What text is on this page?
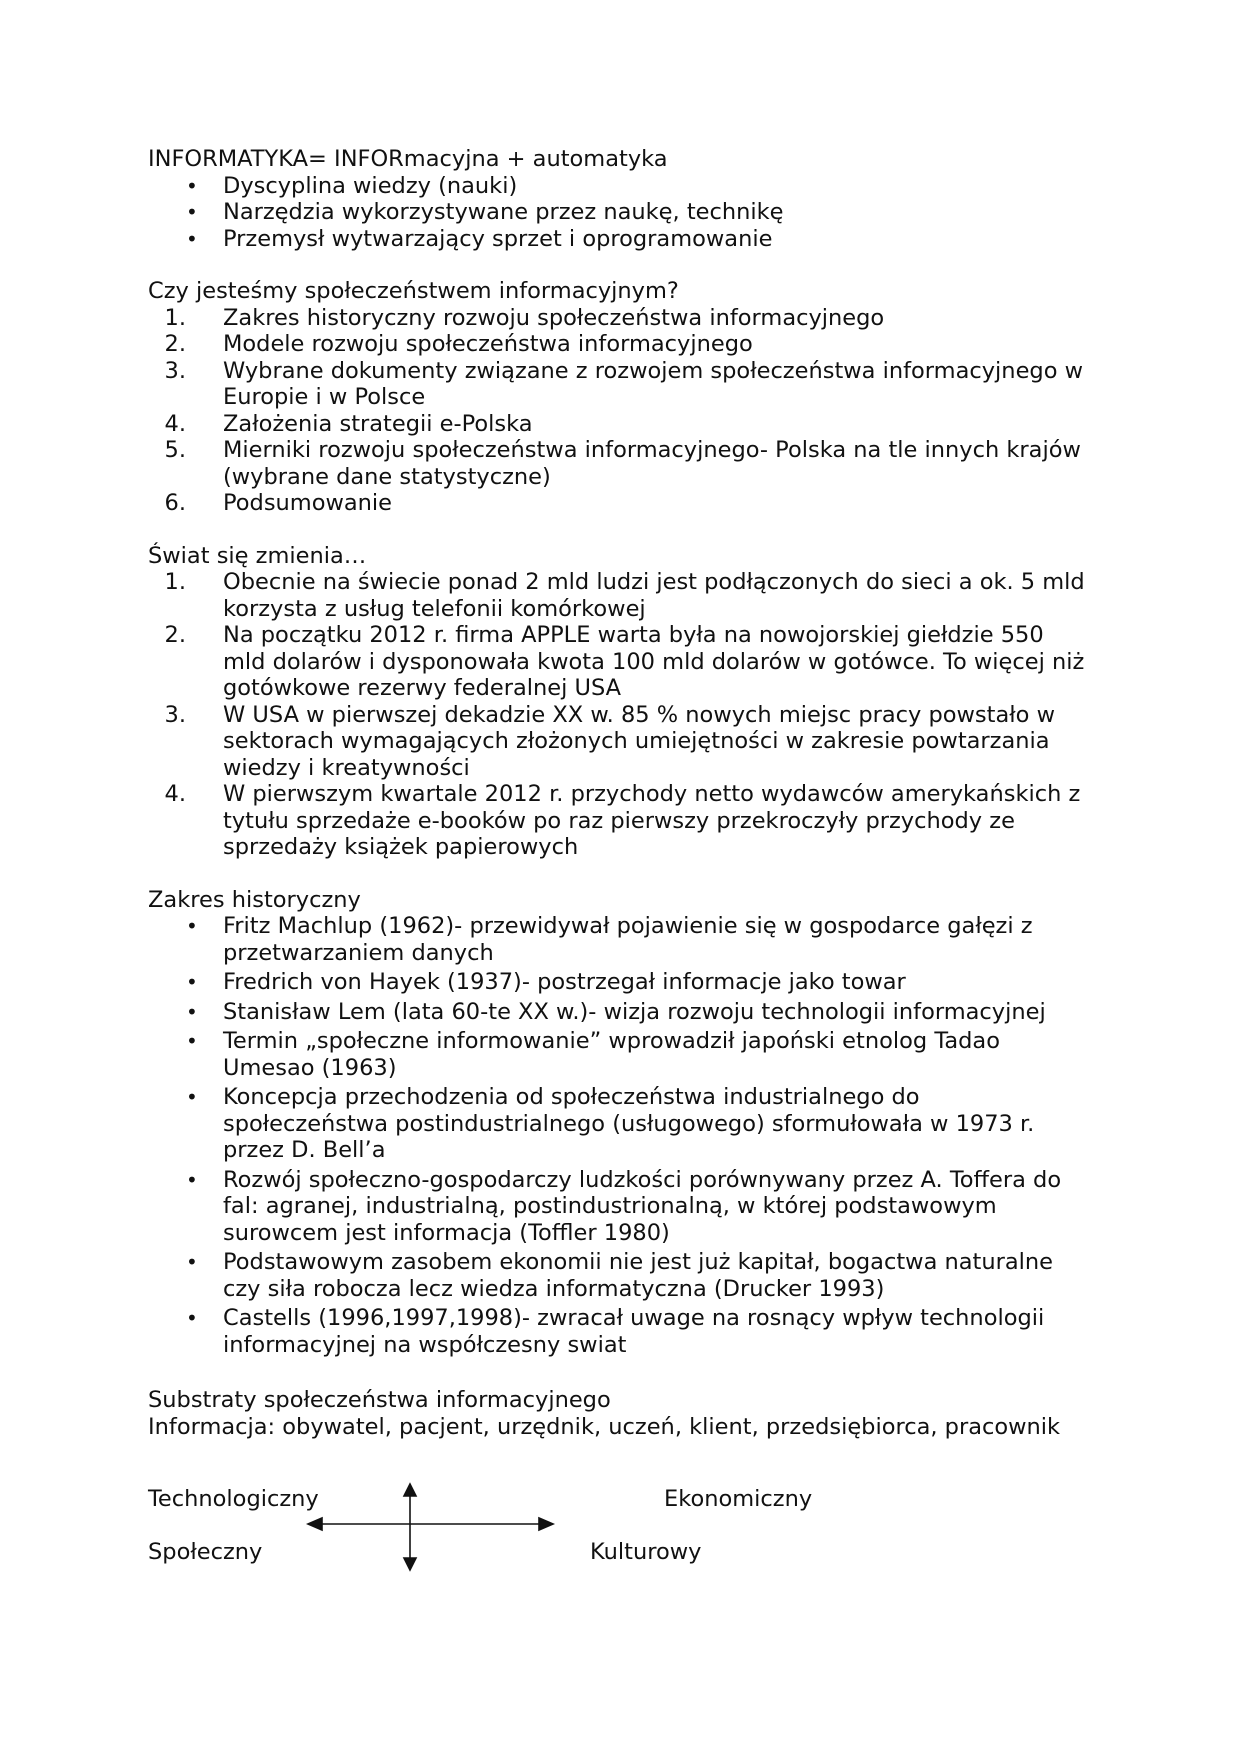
INFORMATYKA= INFORmacyjna + automatyka

• Dyscyplina wiedzy (nauki)
• Narzędzia wykorzystywane przez naukę, technikę
• Przemysł wytwarzający sprzet i oprogramowanie

Czy jesteśmy społeczeństwem informacyjnym?

1. Zakres historyczny rozwoju społeczeństwa informacyjnego
2. Modele rozwoju społeczeństwa informacyjnego
3. Wybrane dokumenty związane z rozwojem społeczeństwa informacyjnego w Europie i w Polsce
4. Założenia strategii e-Polska
5. Mierniki rozwoju społeczeństwa informacyjnego- Polska na tle innych krajów (wybrane dane statystyczne)
6. Podsumowanie

Świat się zmienia…

1. Obecnie na świecie ponad 2 mld ludzi jest podłączonych do sieci a ok. 5 mld korzysta z usług telefonii komórkowej
2. Na początku 2012 r. firma APPLE warta była na nowojorskiej giełdzie 550 mld dolarów i dysponowała kwota 100 mld dolarów w gotówce. To więcej niż gotówkowe rezerwy federalnej USA
3. W USA w pierwszej dekadzie XX w. 85 % nowych miejsc pracy powstało w sektorach wymagających złożonych umiejętności w zakresie powtarzania wiedzy i kreatywności
4. W pierwszym kwartale 2012 r. przychody netto wydawców amerykańskich z tytułu sprzedaże e-booków po raz pierwszy przekroczyły przychody ze sprzedaży książek papierowych

Zakres historyczny

• Fritz Machlup (1962)- przewidywał pojawienie się w gospodarce gałęzi z przetwarzaniem danych
• Fredrich von Hayek (1937)- postrzegał informacje jako towar
• Stanisław Lem (lata 60-te XX w.)- wizja rozwoju technologii informacyjnej
• Termin „społeczne informowanie” wprowadził japoński etnolog Tadao Umesao (1963)
• Koncepcja przechodzenia od społeczeństwa industrialnego do społeczeństwa postindustrialnego (usługowego) sformułowała w 1973 r. przez D. Bell’a
• Rozwój społeczno-gospodarczy ludzkości porównywany przez A. Toffera do fal: agranej, industrialną, postindustrionalną, w której podstawowym surowcem jest informacja (Toffler 1980)
• Podstawowym zasobem ekonomii nie jest już kapitał, bogactwa naturalne czy siła robocza lecz wiedza informatyczna (Drucker 1993)
• Castells (1996,1997,1998)- zwracał uwage na rosnący wpływ technologii informacyjnej na współczesny swiat

Substraty społeczeństwa informacyjnego

Informacja: obywatel, pacjent, urzędnik, uczeń, klient, przedsiębiorca, pracownik

Technologiczny	Ekonomiczny
Społeczny	Kulturowy
